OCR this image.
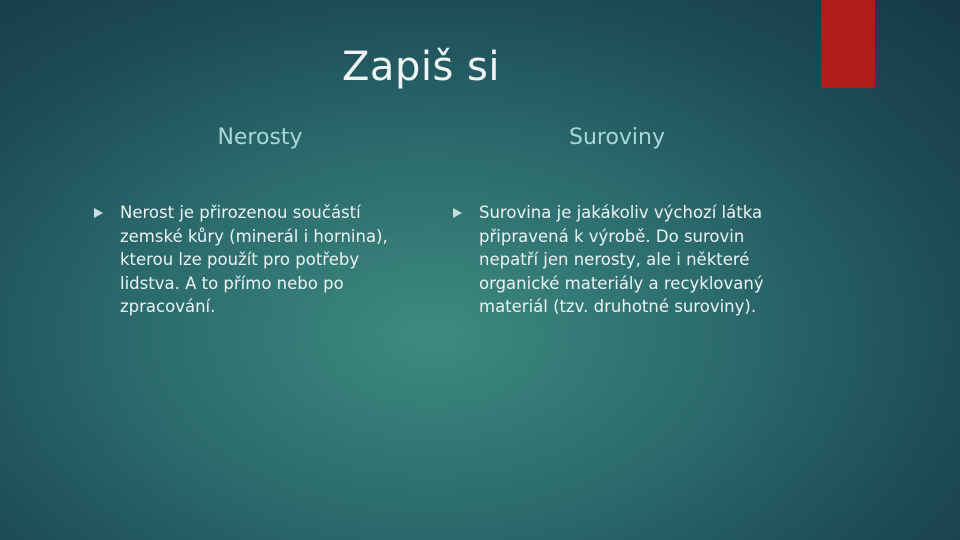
Zapiš si
Nerosty	Suroviny
Nerost je přirozenou součástí zemské kůry (minerál i hornina), kterou lze použít pro potřeby lidstva. A to přímo nebo po zpracování.
Surovina je jakákoliv výchozí látka připravená k výrobě. Do surovin nepatří jen nerosty, ale i některé organické materiály a recyklovaný materiál (tzv. druhotné suroviny).
